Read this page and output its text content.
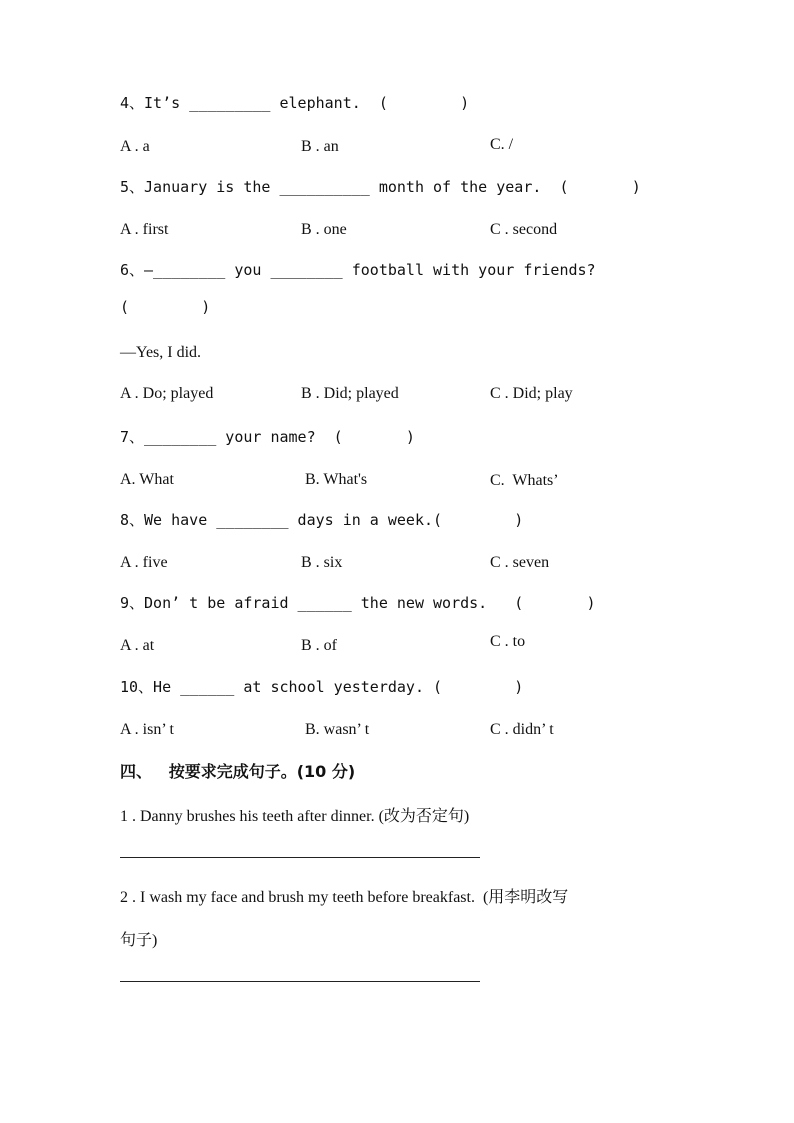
4、It’s _________ elephant.  (        )
A . a	B . an	C. /
5、January is the __________ month of the year.  (       )
A . first	B . one	C . second
6、—________ you ________ football with your friends?
(        )
—Yes, I did.
A . Do; played	B . Did; played	C . Did; play
7、________ your name?  (       )
A. What	B. What's	C.  Whats’
8、We have ________ days in a week.(        )
A . five	B . six	C . seven
9、Don’ t be afraid ______ the new words.   (       )
A . at	B . of	C . to
10、He ______ at school yesterday. (        )
A . isn’ t	B. wasn’ t	C . didn’ t
四、   按要求完成句子。(10 分)
1 . Danny brushes his teeth after dinner. (改为否定句)
2 . I wash my face and brush my teeth before breakfast.  (用李明改写
句子)
